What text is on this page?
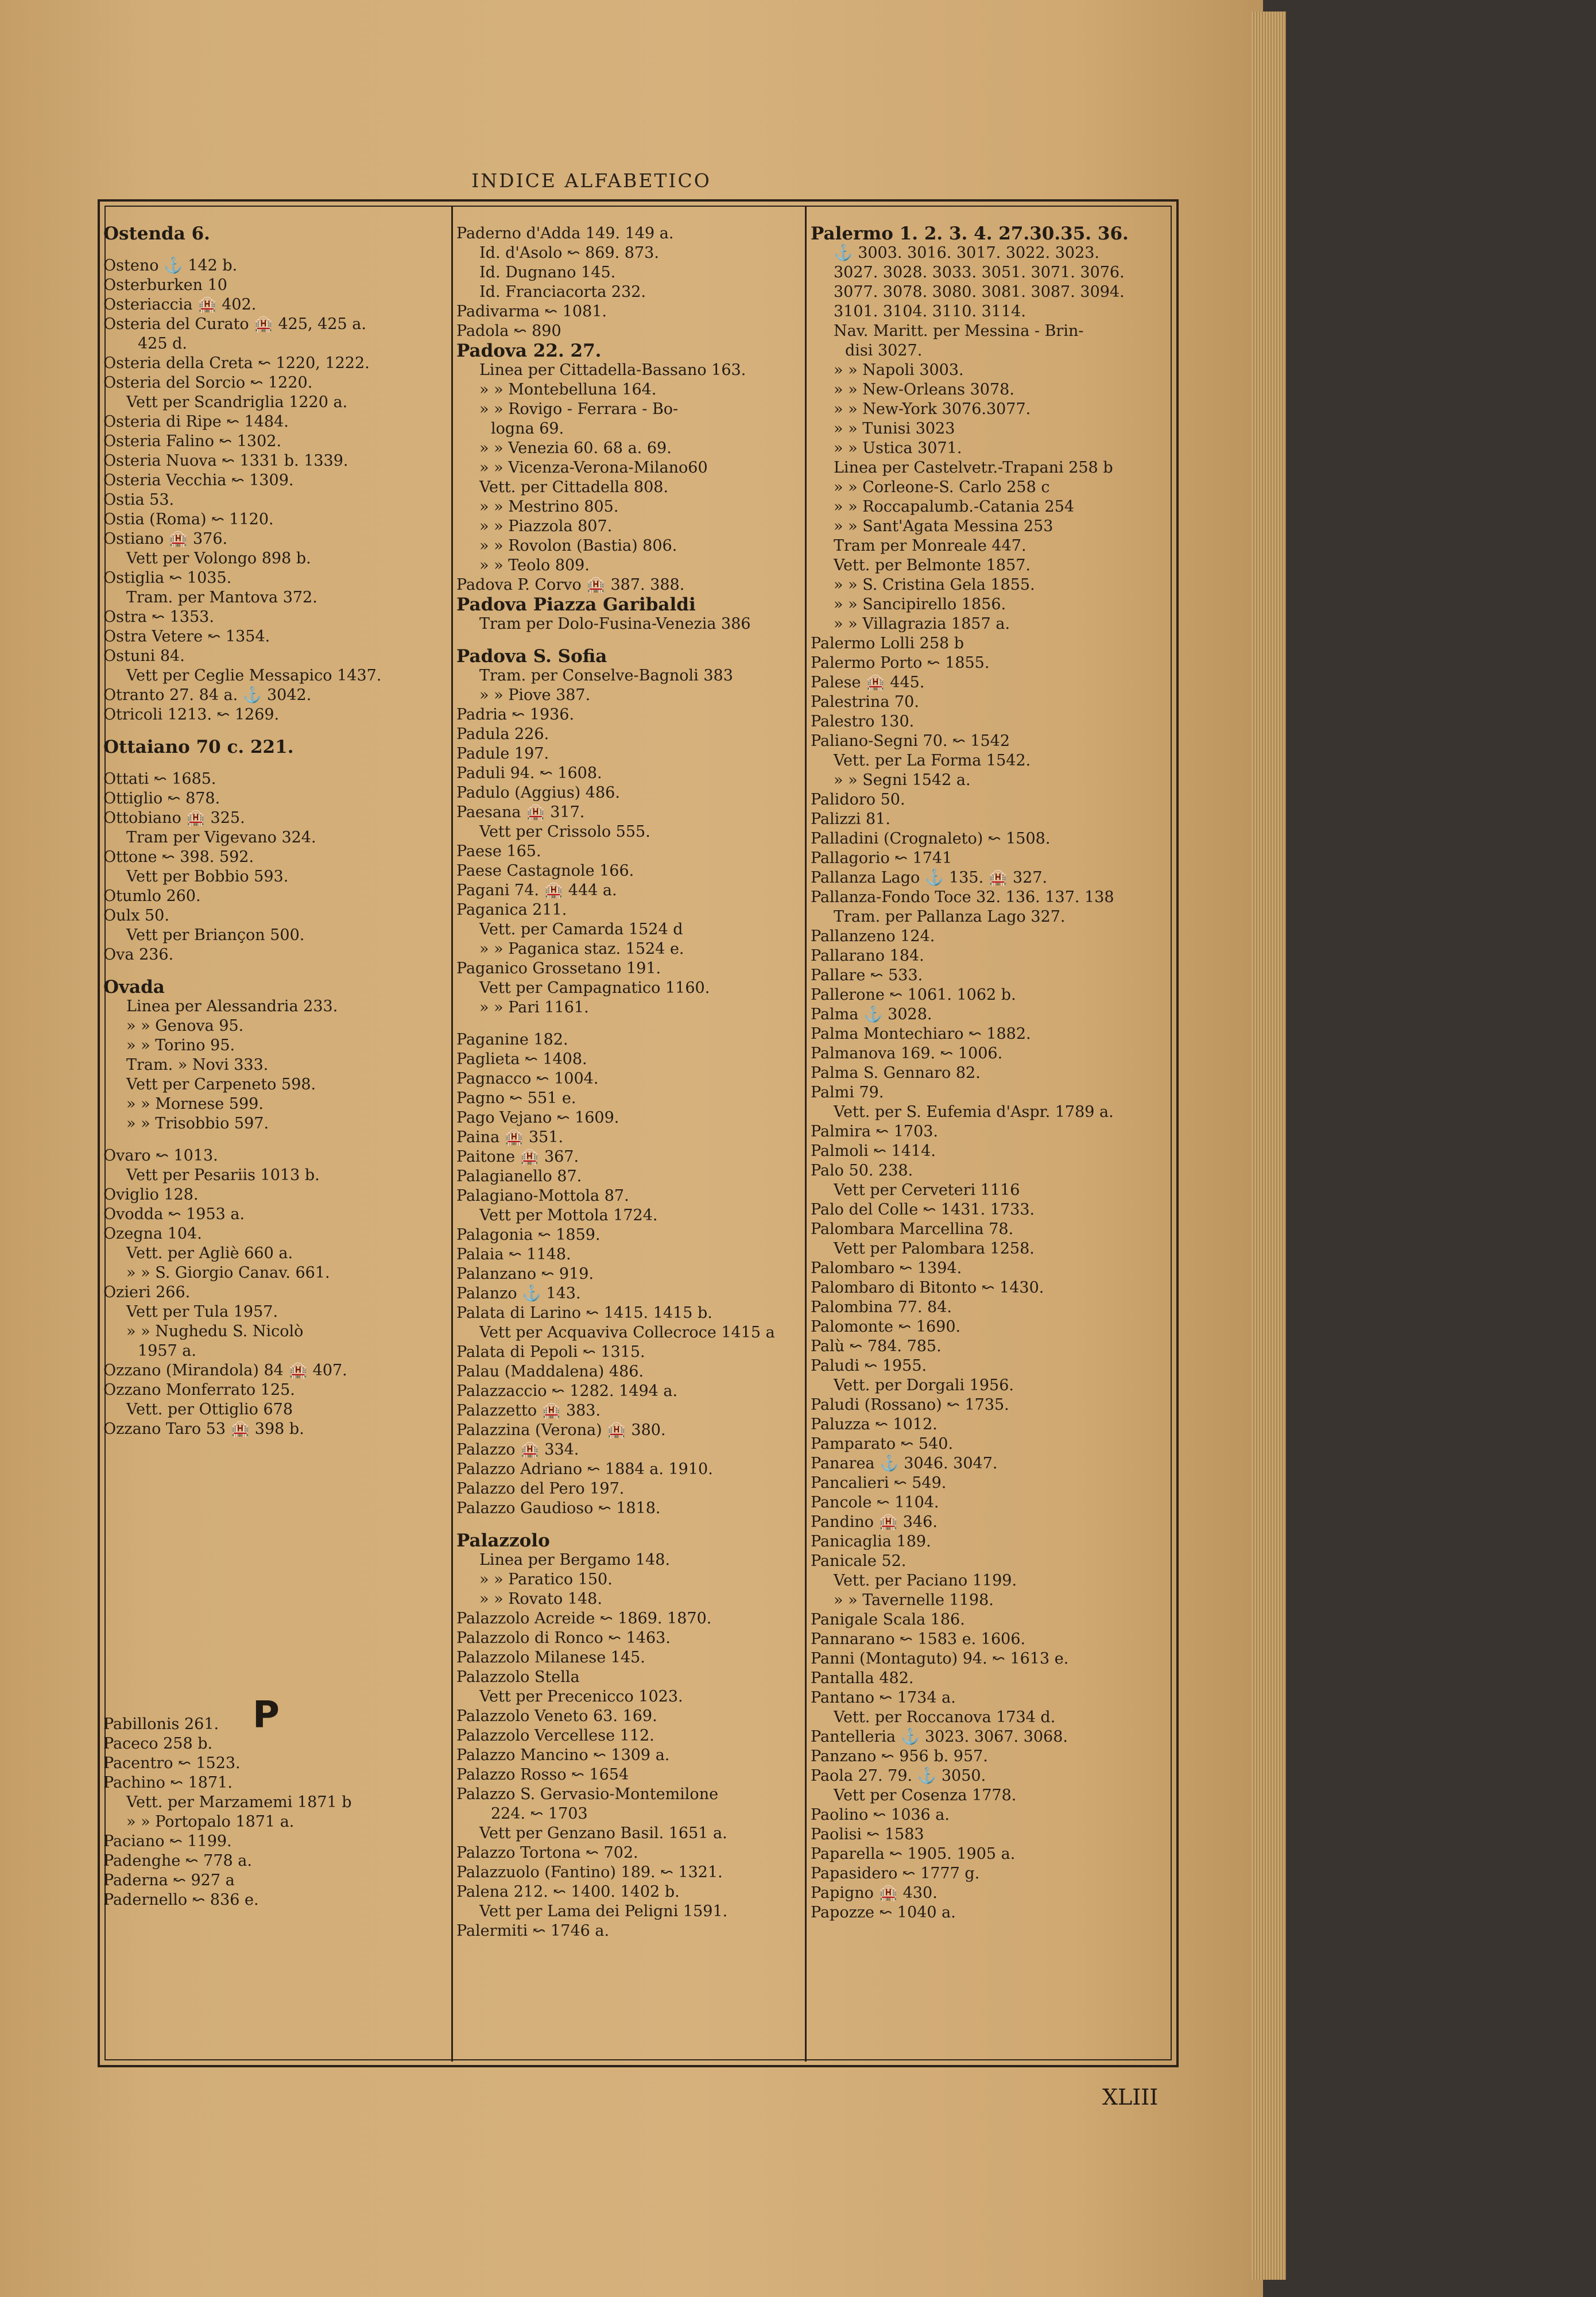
INDICE ALFABETICO
Ostenda 6.
Osteno ⚓ 142 b.
Osterburken 10
Osteriaccia 🏨 402.
Osteria del Curato 🏨 425, 425 a.
425 d.
Osteria della Creta ↜ 1220, 1222.
Osteria del Sorcio ↜ 1220.
Vett per Scandriglia 1220 a.
Osteria di Ripe ↜ 1484.
Osteria Falino ↜ 1302.
Osteria Nuova ↜ 1331 b. 1339.
Osteria Vecchia ↜ 1309.
Ostia 53.
Ostia (Roma) ↜ 1120.
Ostiano 🏨 376.
Vett per Volongo 898 b.
Ostiglia ↜ 1035.
Tram. per Mantova 372.
Ostra ↜ 1353.
Ostra Vetere ↜ 1354.
Ostuni 84.
Vett per Ceglie Messapico 1437.
Otranto 27. 84 a. ⚓ 3042.
Otricoli 1213. ↜ 1269.
Ottaiano 70 c. 221.
Ottati ↜ 1685.
Ottiglio ↜ 878.
Ottobiano 🏨 325.
Tram per Vigevano 324.
Ottone ↜ 398. 592.
Vett per Bobbio 593.
Otumlo 260.
Oulx 50.
Vett per Briançon 500.
Ova 236.
Ovada
Linea per Alessandria 233.
» » Genova 95.
» » Torino 95.
Tram. » Novi 333.
Vett per Carpeneto 598.
» » Mornese 599.
» » Trisobbio 597.
Ovaro ↜ 1013.
Vett per Pesariis 1013 b.
Oviglio 128.
Ovodda ↜ 1953 a.
Ozegna 104.
Vett. per Agliè 660 a.
» » S. Giorgio Canav. 661.
Ozieri 266.
Vett per Tula 1957.
» » Nughedu S. Nicolò
1957 a.
Ozzano (Mirandola) 84 🏨 407.
Ozzano Monferrato 125.
Vett. per Ottiglio 678
Ozzano Taro 53 🏨 398 b.
Pabillonis 261.
Paceco 258 b.
Pacentro ↜ 1523.
Pachino ↜ 1871.
Vett. per Marzamemi 1871 b
» » Portopalo 1871 a.
Paciano ↜ 1199.
Padenghe ↜ 778 a.
Paderna ↜ 927 a
Padernello ↜ 836 e.
Paderno d'Adda 149. 149 a.
Id. d'Asolo ↜ 869. 873.
Id. Dugnano 145.
Id. Franciacorta 232.
Padivarma ↜ 1081.
Padola ↜ 890
Padova 22. 27.
Linea per Cittadella-Bassano 163.
» » Montebelluna 164.
» » Rovigo - Ferrara - Bo-
logna 69.
» » Venezia 60. 68 a. 69.
» » Vicenza-Verona-Milano60
Vett. per Cittadella 808.
» » Mestrino 805.
» » Piazzola 807.
» » Rovolon (Bastia) 806.
» » Teolo 809.
Padova P. Corvo 🏨 387. 388.
Padova Piazza Garibaldi
Tram per Dolo-Fusina-Venezia 386
Padova S. Sofia
Tram. per Conselve-Bagnoli 383
» » Piove 387.
Padria ↜ 1936.
Padula 226.
Padule 197.
Paduli 94. ↜ 1608.
Padulo (Aggius) 486.
Paesana 🏨 317.
Vett per Crissolo 555.
Paese 165.
Paese Castagnole 166.
Pagani 74. 🏨 444 a.
Paganica 211.
Vett. per Camarda 1524 d
» » Paganica staz. 1524 e.
Paganico Grossetano 191.
Vett per Campagnatico 1160.
» » Pari 1161.
Paganine 182.
Paglieta ↜ 1408.
Pagnacco ↜ 1004.
Pagno ↜ 551 e.
Pago Vejano ↜ 1609.
Paina 🏨 351.
Paitone 🏨 367.
Palagianello 87.
Palagiano-Mottola 87.
Vett per Mottola 1724.
Palagonia ↜ 1859.
Palaia ↜ 1148.
Palanzano ↜ 919.
Palanzo ⚓ 143.
Palata di Larino ↜ 1415. 1415 b.
Vett per Acquaviva Collecroce 1415 a
Palata di Pepoli ↜ 1315.
Palau (Maddalena) 486.
Palazzaccio ↜ 1282. 1494 a.
Palazzetto 🏨 383.
Palazzina (Verona) 🏨 380.
Palazzo 🏨 334.
Palazzo Adriano ↜ 1884 a. 1910.
Palazzo del Pero 197.
Palazzo Gaudioso ↜ 1818.
Palazzolo
Linea per Bergamo 148.
» » Paratico 150.
» » Rovato 148.
Palazzolo Acreide ↜ 1869. 1870.
Palazzolo di Ronco ↜ 1463.
Palazzolo Milanese 145.
Palazzolo Stella
Vett per Precenicco 1023.
Palazzolo Veneto 63. 169.
Palazzolo Vercellese 112.
Palazzo Mancino ↜ 1309 a.
Palazzo Rosso ↜ 1654
Palazzo S. Gervasio-Montemilone
224. ↜ 1703
Vett per Genzano Basil. 1651 a.
Palazzo Tortona ↜ 702.
Palazzuolo (Fantino) 189. ↜ 1321.
Palena 212. ↜ 1400. 1402 b.
Vett per Lama dei Peligni 1591.
Palermiti ↜ 1746 a.
Palermo 1. 2. 3. 4. 27.30.35. 36.
⚓ 3003. 3016. 3017. 3022. 3023.
3027. 3028. 3033. 3051. 3071. 3076.
3077. 3078. 3080. 3081. 3087. 3094.
3101. 3104. 3110. 3114.
Nav. Maritt. per Messina - Brin-
disi 3027.
» » Napoli 3003.
» » New-Orleans 3078.
» » New-York 3076.3077.
» » Tunisi 3023
» » Ustica 3071.
Linea per Castelvetr.-Trapani 258 b
» » Corleone-S. Carlo 258 c
» » Roccapalumb.-Catania 254
» » Sant'Agata Messina 253
Tram per Monreale 447.
Vett. per Belmonte 1857.
» » S. Cristina Gela 1855.
» » Sancipirello 1856.
» » Villagrazia 1857 a.
Palermo Lolli 258 b
Palermo Porto ↜ 1855.
Palese 🏨 445.
Palestrina 70.
Palestro 130.
Paliano-Segni 70. ↜ 1542
Vett. per La Forma 1542.
» » Segni 1542 a.
Palidoro 50.
Palizzi 81.
Palladini (Crognaleto) ↜ 1508.
Pallagorio ↜ 1741
Pallanza Lago ⚓ 135. 🏨 327.
Pallanza-Fondo Toce 32. 136. 137. 138
Tram. per Pallanza Lago 327.
Pallanzeno 124.
Pallarano 184.
Pallare ↜ 533.
Pallerone ↜ 1061. 1062 b.
Palma ⚓ 3028.
Palma Montechiaro ↜ 1882.
Palmanova 169. ↜ 1006.
Palma S. Gennaro 82.
Palmi 79.
Vett. per S. Eufemia d'Aspr. 1789 a.
Palmira ↜ 1703.
Palmoli ↜ 1414.
Palo 50. 238.
Vett per Cerveteri 1116
Palo del Colle ↜ 1431. 1733.
Palombara Marcellina 78.
Vett per Palombara 1258.
Palombaro ↜ 1394.
Palombaro di Bitonto ↜ 1430.
Palombina 77. 84.
Palomonte ↜ 1690.
Palù ↜ 784. 785.
Paludi ↜ 1955.
Vett. per Dorgali 1956.
Paludi (Rossano) ↜ 1735.
Paluzza ↜ 1012.
Pamparato ↜ 540.
Panarea ⚓ 3046. 3047.
Pancalieri ↜ 549.
Pancole ↜ 1104.
Pandino 🏨 346.
Panicaglia 189.
Panicale 52.
Vett. per Paciano 1199.
» » Tavernelle 1198.
Panigale Scala 186.
Pannarano ↜ 1583 e. 1606.
Panni (Montaguto) 94. ↜ 1613 e.
Pantalla 482.
Pantano ↜ 1734 a.
Vett. per Roccanova 1734 d.
Pantelleria ⚓ 3023. 3067. 3068.
Panzano ↜ 956 b. 957.
Paola 27. 79. ⚓ 3050.
Vett per Cosenza 1778.
Paolino ↜ 1036 a.
Paolisi ↜ 1583
Paparella ↜ 1905. 1905 a.
Papasidero ↜ 1777 g.
Papigno 🏨 430.
Papozze ↜ 1040 a.
P
XLIII
